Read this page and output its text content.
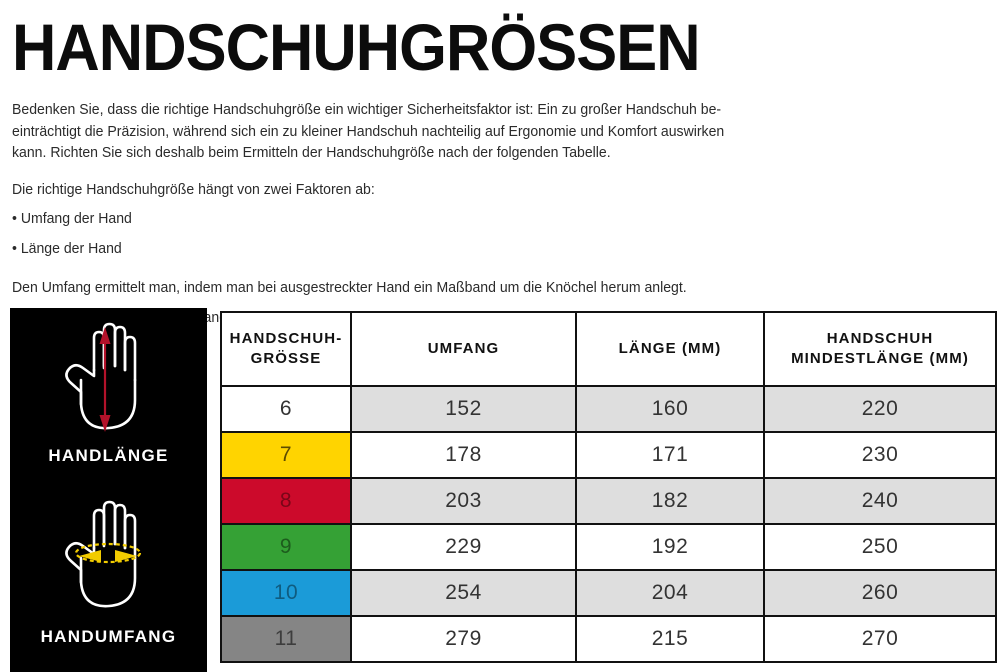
HANDSCHUHGRÖSSEN

Bedenken Sie, dass die richtige Handschuhgröße ein wichtiger Sicherheitsfaktor ist: Ein zu großer Handschuh be-

einträchtigt die Präzision, während sich ein zu kleiner Handschuh nachteilig auf Ergonomie und Komfort auswirken

kann. Richten Sie sich deshalb beim Ermitteln der Handschuhgröße nach der folgenden Tabelle.

Die richtige Handschuhgröße hängt von zwei Faktoren ab:

• Umfang der Hand

• Länge der Hand

Den Umfang ermittelt man, indem man bei ausgestreckter Hand ein Maßband um die Knöchel herum anlegt.

HANDLÄNGE
HANDUMFANG
HANDSCHUH-
GRÖSSE	UMFANG	LÄNGE (MM)	HANDSCHUH
MINDESTLÄNGE (MM)
6	152	160	220
7	178	171	230
8	203	182	240
9	229	192	250
10	254	204	260
11	279	215	270
